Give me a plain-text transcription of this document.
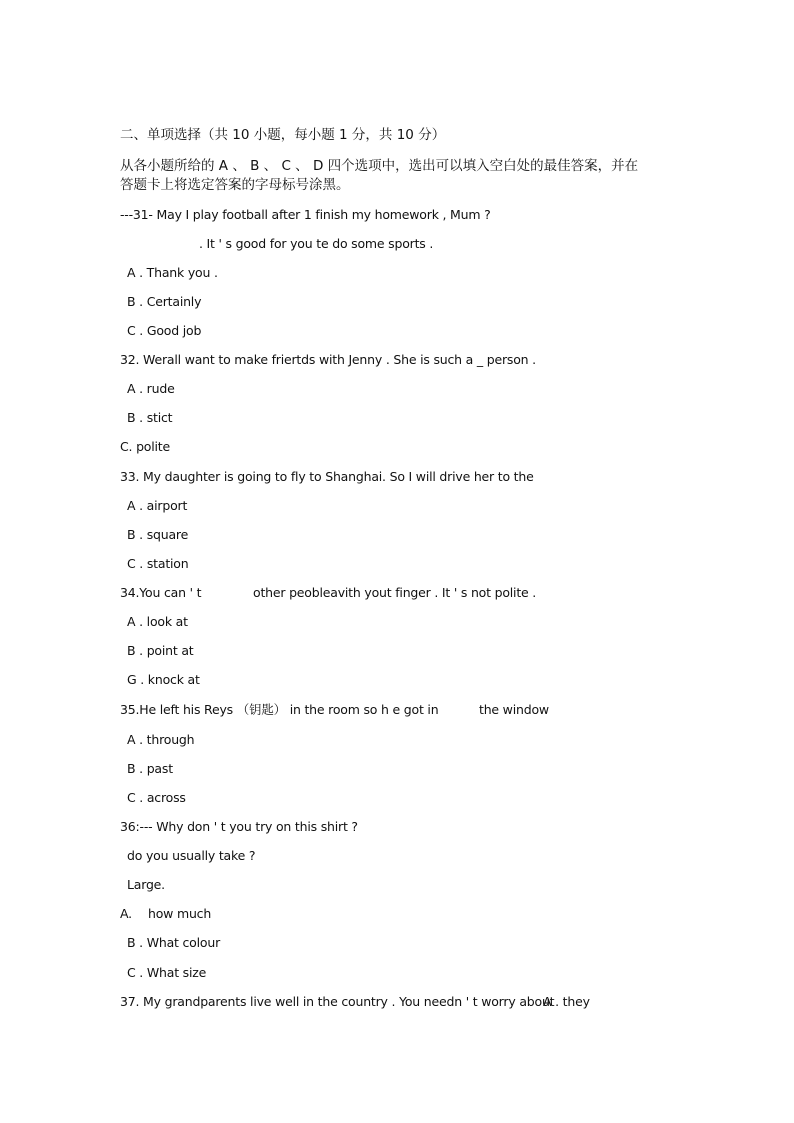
二、单项选择（共 10 小题，每小题 1 分，共 10 分）
从各小题所给的 A 、 B 、 C 、 D 四个选项中，选出可以填入空白处的最佳答案，并在
答题卡上将选定答案的字母标号涂黑。
---31- May I play football after 1 finish my homework , Mum ?
. It ' s good for you te do some sports .
A . Thank you .
B . Certainly
C . Good job
32. Werall want to make friertds with Jenny . She is such a _ person .
A . rude
B . stict
C. polite
33. My daughter is going to fly to Shanghai. So I will drive her to the
A . airport
B . square
C . station
34.You can ' t	other peobleavith yout finger . It ' s not polite .
A . look at
B . point at
G . knock at
35.He left his Reys （钥匙） in the room so h e got in	the window
A . through
B . past
C . across
36:--- Why don ' t you try on this shirt ?
do you usually take ?
Large.
A. how much
B . What colour
C . What size
37. My grandparents live well in the country . You needn ' t worry about
A . they
